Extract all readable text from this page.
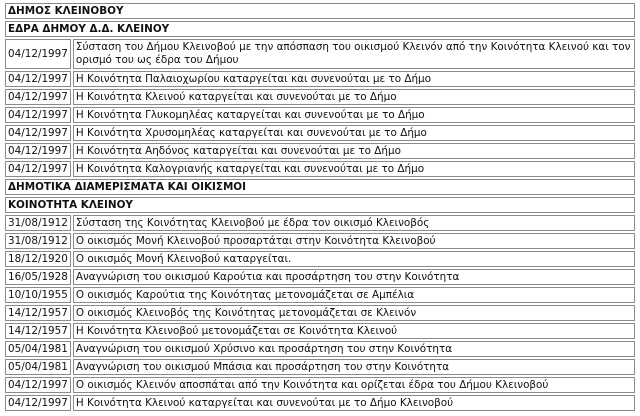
ΔΗΜΟΣ ΚΛΕΙΝΟΒΟΥ	
ΕΔΡΑ ΔΗΜΟΥ Δ.Δ. ΚΛΕΙΝΟΥ	
04/12/1997	Σύσταση του Δήμου Κλεινοβού με την απόσπαση του οικισμού Κλεινόν από την Κοινότητα Κλεινού και τον ορισμό του ως έδρα του Δήμου
04/12/1997	Η Κοινότητα Παλαιοχωρίου καταργείται και συνενούται με το Δήμο
04/12/1997	Η Κοινότητα Κλεινού καταργείται και συνενούται με το Δήμο
04/12/1997	Η Κοινότητα Γλυκομηλέας καταργείται και συνενούται με το Δήμο
04/12/1997	Η Κοινότητα Χρυσομηλέας καταργείται και συνενούται με το Δήμο
04/12/1997	Η Κοινότητα Αηδόνος καταργείται και συνενούται με το Δήμο
04/12/1997	Η Κοινότητα Καλογριανής καταργείται και συνενούται με το Δήμο
ΔΗΜΟΤΙΚΑ ΔΙΑΜΕΡΙΣΜΑΤΑ ΚΑΙ ΟΙΚΙΣΜΟΙ	
ΚΟΙΝΟΤΗΤΑ ΚΛΕΙΝΟΥ	
31/08/1912	Σύσταση της Κοινότητας Κλεινοβού με έδρα τον οικισμό Κλεινοβός
31/08/1912	Ο οικισμός Μονή Κλεινοβού προσαρτάται στην Κοινότητα Κλεινοβού
18/12/1920	Ο οικισμός Μονή Κλεινοβού καταργείται.
16/05/1928	Αναγνώριση του οικισμού Καρούτια και προσάρτηση του στην Κοινότητα
10/10/1955	Ο οικισμός Καρούτια της Κοινότητας μετονομάζεται σε Αμπέλια
14/12/1957	Ο οικισμός Κλεινοβός της Κοινότητας μετονομάζεται σε Κλεινόν
14/12/1957	Η Κοινότητα Κλεινοβού μετονομάζεται σε Κοινότητα Κλεινού
05/04/1981	Αναγνώριση του οικισμού Χρύσινο και προσάρτηση του στην Κοινότητα
05/04/1981	Αναγνώριση του οικισμού Μπάσια και προσάρτηση του στην Κοινότητα
04/12/1997	Ο οικισμός Κλεινόν αποσπάται από την Κοινότητα και ορίζεται έδρα του Δήμου Κλεινοβού
04/12/1997	Η Κοινότητα Κλεινού καταργείται και συνενούται με το Δήμο Κλεινοβού
